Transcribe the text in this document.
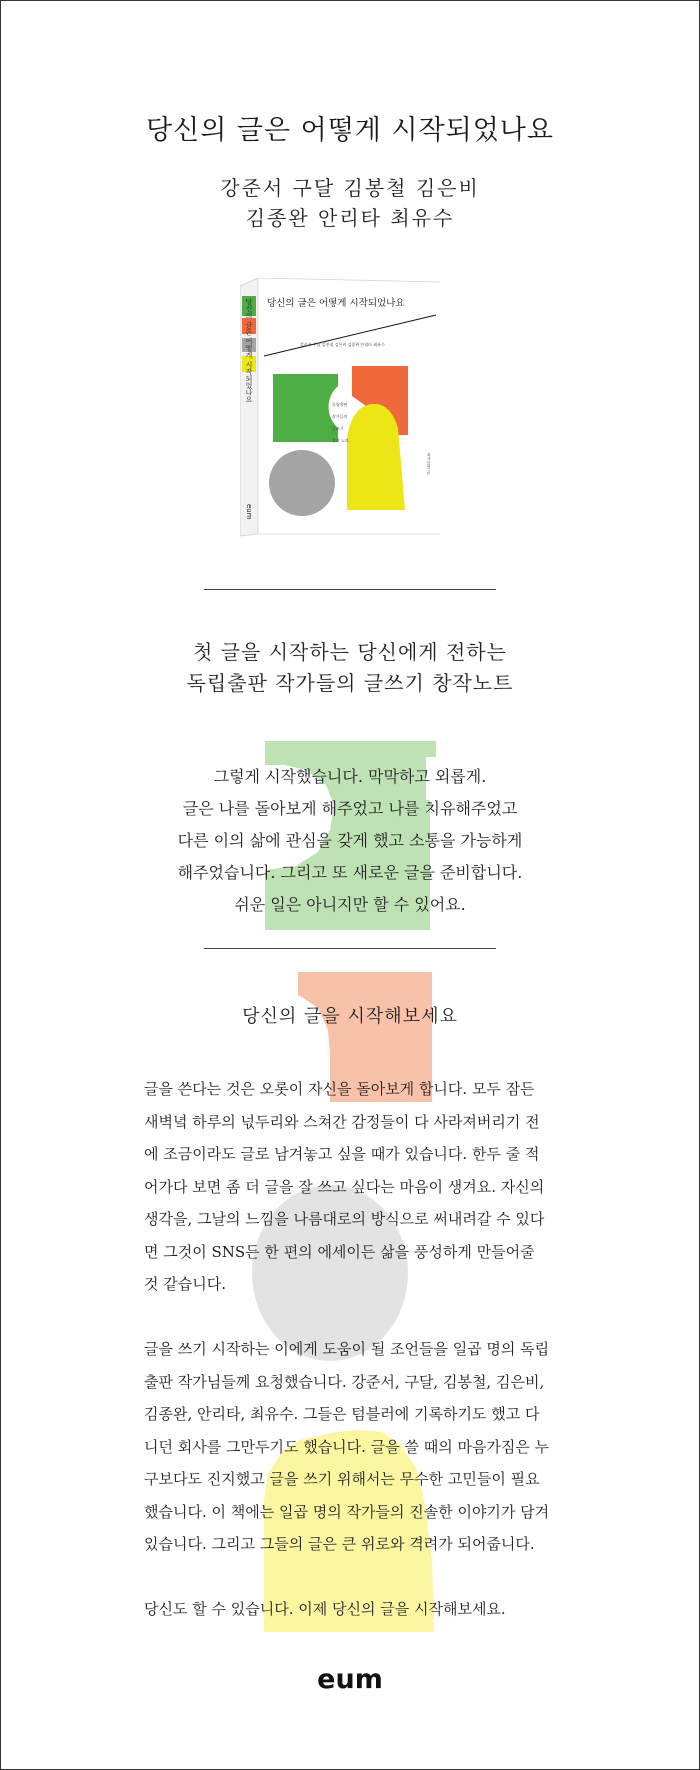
당신의 글은 어떻게 시작되었나요
강준서 구달 김봉철 김은비
김종완 안리타 최유수
당신의 글은 어떻게 시작되었나요
eum
당신의 글은 어떻게 시작되었나요
강준서 구달 김봉철 김은비 김종완 안리타 최유수
독립출판
작가들의
글쓰기
창작 노트
작가들의 글
첫 글을 시작하는 당신에게 전하는
독립출판 작가들의 글쓰기 창작노트
그렇게 시작했습니다. 막막하고 외롭게.
글은 나를 돌아보게 해주었고 나를 치유해주었고
다른 이의 삶에 관심을 갖게 했고 소통을 가능하게
해주었습니다. 그리고 또 새로운 글을 준비합니다.
쉬운 일은 아니지만 할 수 있어요.
당신의 글을 시작해보세요

글을 쓴다는 것은 오롯이 자신을 돌아보게 합니다. 모두 잠든

새벽녘 하루의 넋두리와 스쳐간 감정들이 다 사라져버리기 전

에 조금이라도 글로 남겨놓고 싶을 때가 있습니다. 한두 줄 적

어가다 보면 좀 더 글을 잘 쓰고 싶다는 마음이 생겨요. 자신의

생각을, 그날의 느낌을 나름대로의 방식으로 써내려갈 수 있다

면 그것이 SNS든 한 편의 에세이든 삶을 풍성하게 만들어줄

것 같습니다.

글을 쓰기 시작하는 이에게 도움이 될 조언들을 일곱 명의 독립

출판 작가님들께 요청했습니다. 강준서, 구달, 김봉철, 김은비,

김종완, 안리타, 최유수. 그들은 텀블러에 기록하기도 했고 다

니던 회사를 그만두기도 했습니다. 글을 쓸 때의 마음가짐은 누

구보다도 진지했고 글을 쓰기 위해서는 무수한 고민들이 필요

했습니다. 이 책에는 일곱 명의 작가들의 진솔한 이야기가 담겨

있습니다. 그리고 그들의 글은 큰 위로와 격려가 되어줍니다.

당신도 할 수 있습니다. 이제 당신의 글을 시작해보세요.
eum
